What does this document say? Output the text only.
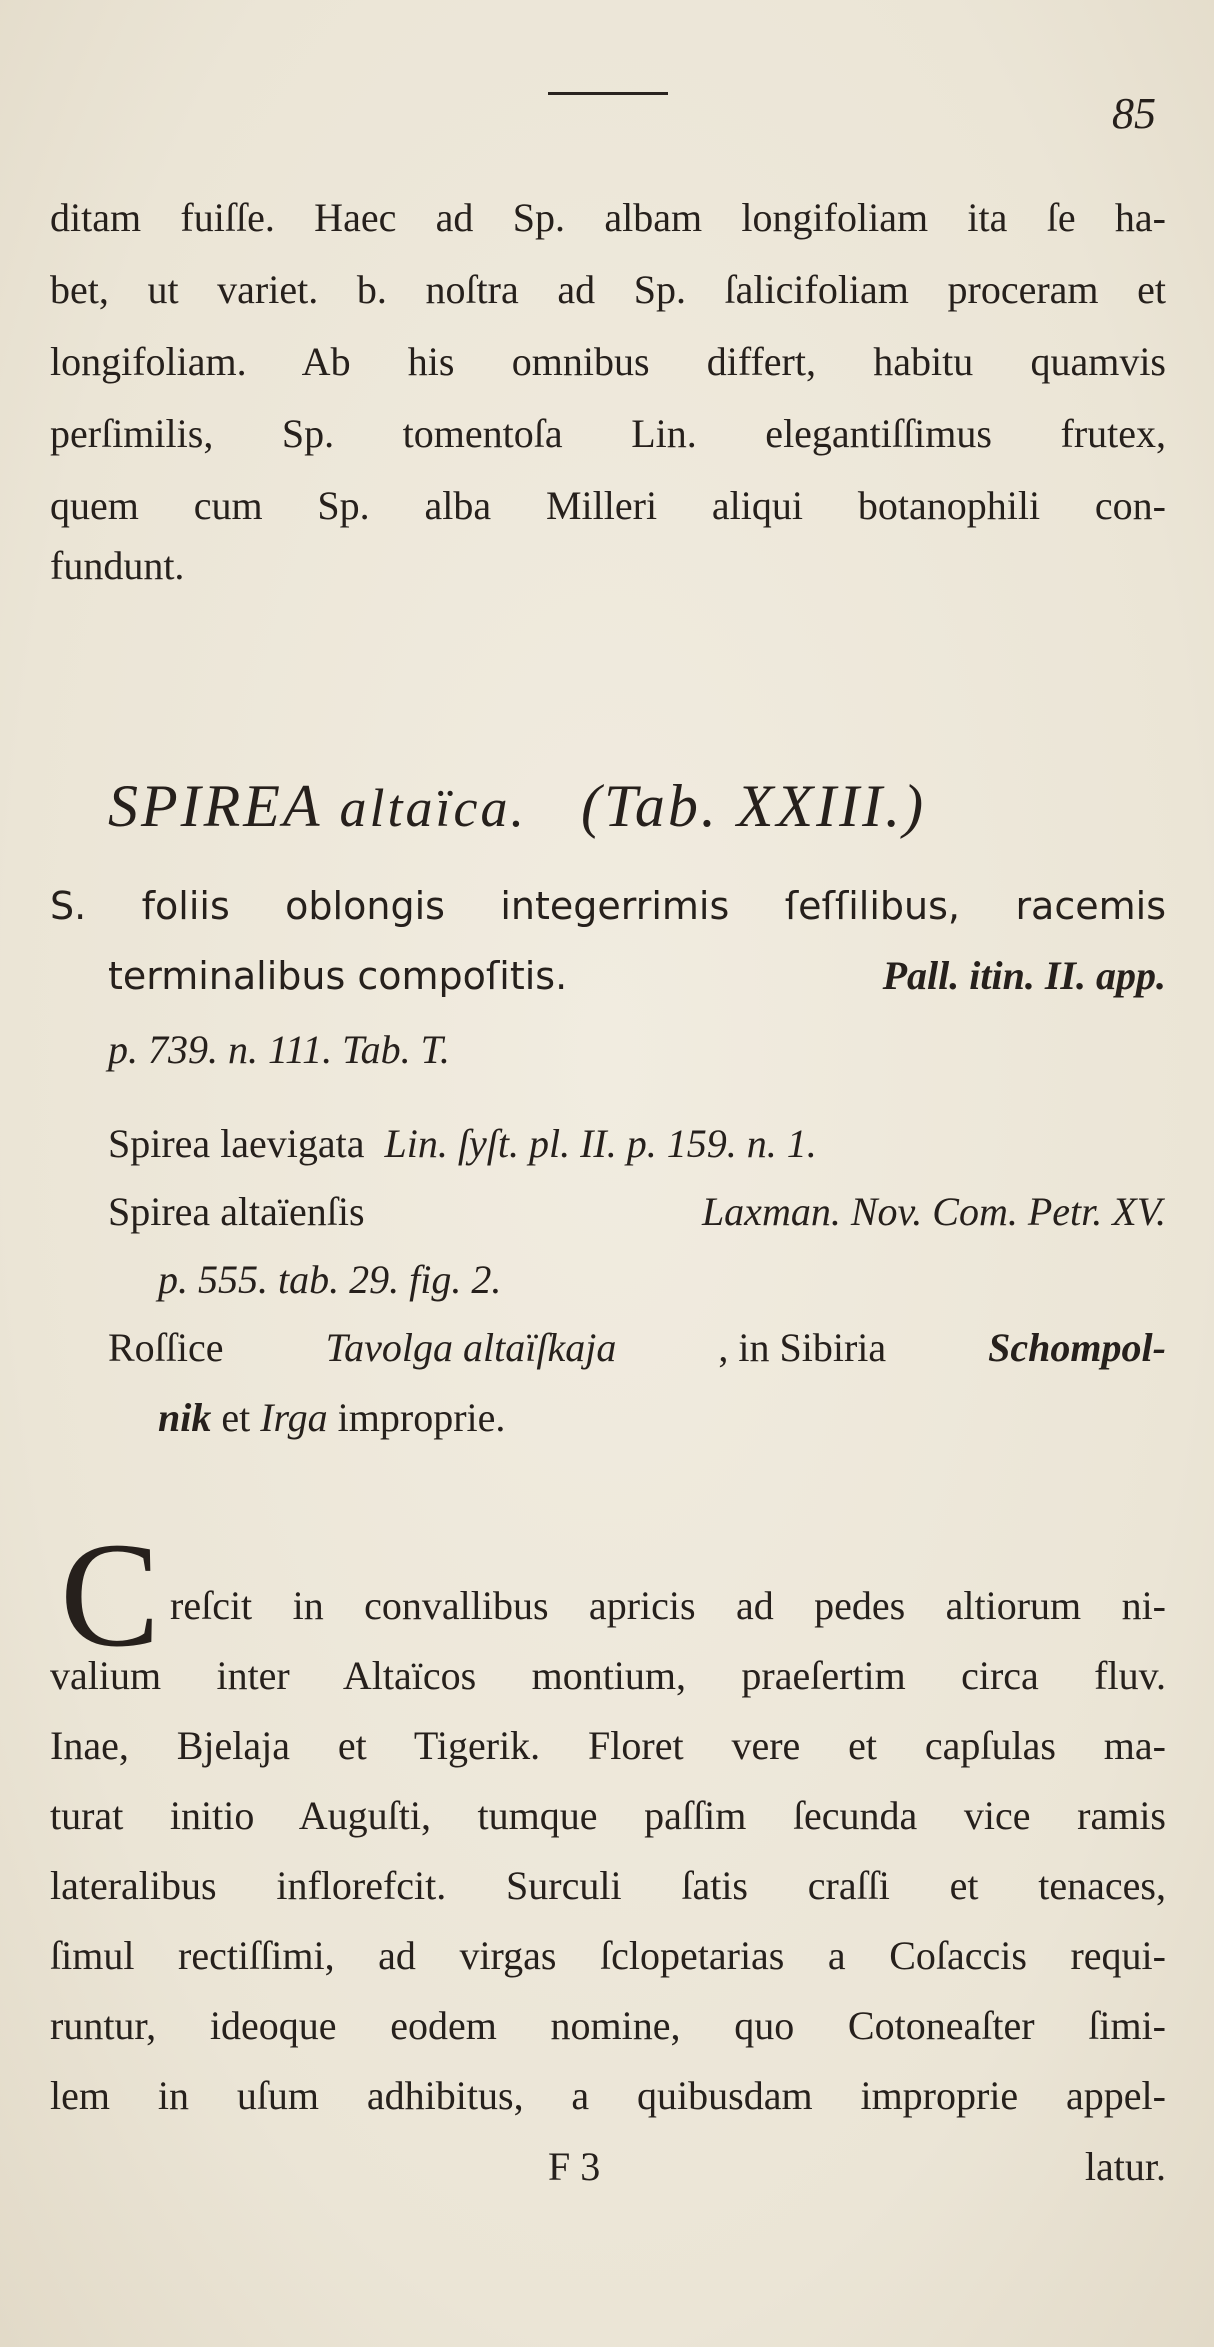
85
ditam fuiſſe. Haec ad Sp. albam longifoliam ita ſe ha-
bet, ut variet. b. noſtra ad Sp. ſalicifoliam proceram et
longifoliam. Ab his omnibus differt, habitu quamvis
perſimilis, Sp. tomentoſa Lin. elegantiſſimus frutex,
quem cum Sp. alba Milleri aliqui botanophili con-
fundunt.
SPIREA altaïca. (Tab. XXIII.)
S. foliis oblongis integerrimis ſeſſilibus, racemis
terminalibus compoſitis.	Pall. itin. II. app.
p. 739. n. 111. Tab. T.
Spirea laevigata Lin. ſyſt. pl. II. p. 159. n. 1.
Spirea altaïenſis	Laxman. Nov. Com. Petr. XV.
p. 555. tab. 29. fig. 2.
Roſſice	Tavolga altaïſkaja	, in Sibiria	Schompol-
nik et Irga improprie.
C reſcit in convallibus apricis ad pedes altiorum ni-
valium inter Altaïcos montium, praeſertim circa fluv.
Inae, Bjelaja et Tigerik. Floret vere et capſulas ma-
turat initio Auguſti, tumque paſſim ſecunda vice ramis
lateralibus inflorefcit. Surculi ſatis craſſi et tenaces,
ſimul rectiſſimi, ad virgas ſclopetarias a Coſaccis requi-
runtur, ideoque eodem nomine, quo Cotoneaſter ſimi-
lem in uſum adhibitus, a quibusdam improprie appel-
F 3	latur.
